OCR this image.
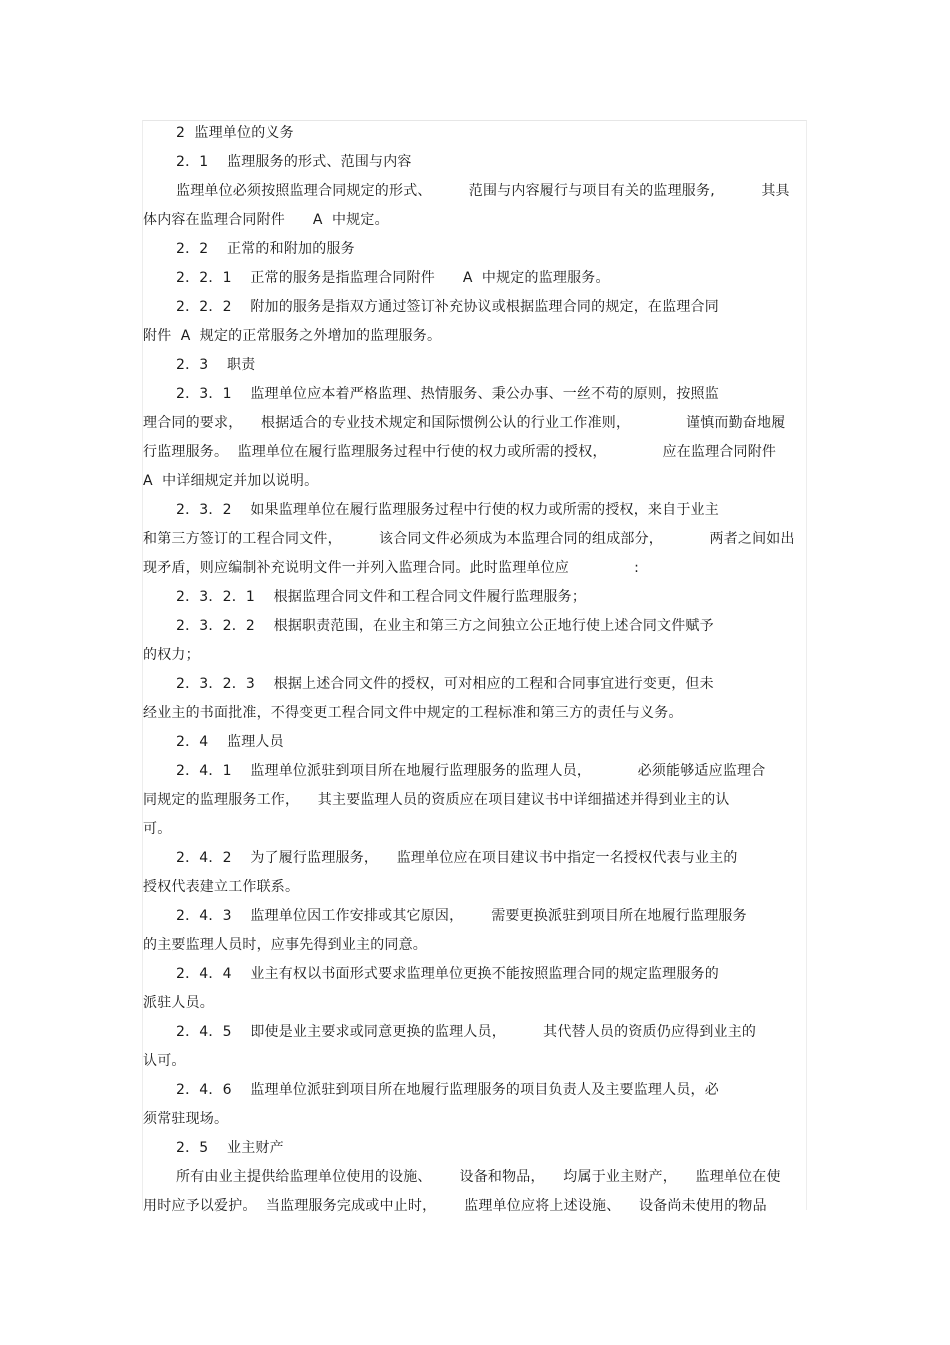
2  监理单位的义务
2．1    监理服务的形式、范围与内容
监理单位必须按照监理合同规定的形式、        范围与内容履行与项目有关的监理服务,          其具
体内容在监理合同附件      A  中规定。
2．2    正常的和附加的服务
2．2．1    正常的服务是指监理合同附件      A  中规定的监理服务。
2．2．2    附加的服务是指双方通过签订补充协议或根据监理合同的规定，在监理合同
附件  A  规定的正常服务之外增加的监理服务。
2．3    职责
2．3．1    监理单位应本着严格监理、热情服务、秉公办事、一丝不苟的原则，按照监
理合同的要求，    根据适合的专业技术规定和国际惯例公认的行业工作准则，            谨慎而勤奋地履
行监理服务。  监理单位在履行监理服务过程中行使的权力或所需的授权，            应在监理合同附件
A  中详细规定并加以说明。
2．3．2    如果监理单位在履行监理服务过程中行使的权力或所需的授权，来自于业主
和第三方签订的工程合同文件，        该合同文件必须成为本监理合同的组成部分，          两者之间如出
现矛盾，则应编制补充说明文件一并列入监理合同。此时监理单位应              :
2．3．2．1    根据监理合同文件和工程合同文件履行监理服务；
2．3．2．2    根据职责范围，在业主和第三方之间独立公正地行使上述合同文件赋予
的权力；
2．3．2．3    根据上述合同文件的授权，可对相应的工程和合同事宜进行变更，但未
经业主的书面批准，不得变更工程合同文件中规定的工程标准和第三方的责任与义务。
2．4    监理人员
2．4．1    监理单位派驻到项目所在地履行监理服务的监理人员，          必须能够适应监理合
同规定的监理服务工作，    其主要监理人员的资质应在项目建议书中详细描述并得到业主的认
可。
2．4．2    为了履行监理服务，    监理单位应在项目建议书中指定一名授权代表与业主的
授权代表建立工作联系。
2．4．3    监理单位因工作安排或其它原因，      需要更换派驻到项目所在地履行监理服务
的主要监理人员时，应事先得到业主的同意。
2．4．4    业主有权以书面形式要求监理单位更换不能按照监理合同的规定监理服务的
派驻人员。
2．4．5    即使是业主要求或同意更换的监理人员，        其代替人员的资质仍应得到业主的
认可。
2．4．6    监理单位派驻到项目所在地履行监理服务的项目负责人及主要监理人员，必
须常驻现场。
2．5    业主财产
所有由业主提供给监理单位使用的设施、      设备和物品，    均属于业主财产，    监理单位在使
用时应予以爱护。  当监理服务完成或中止时，      监理单位应将上述设施、    设备尚未使用的物品
